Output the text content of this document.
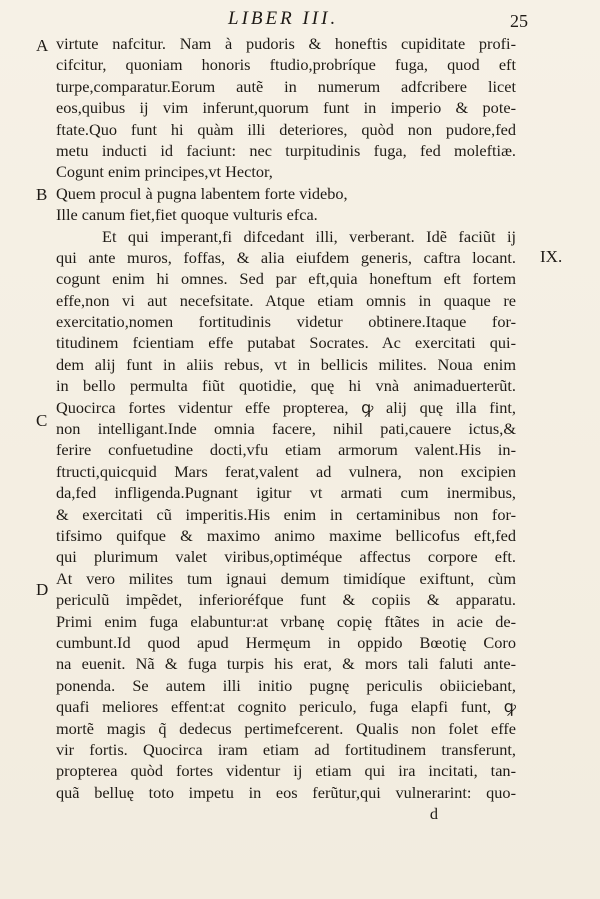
LIBER III.	25
A
B
C
D
IX.
virtute nafcitur. Nam à pudoris & honeftis cupiditate profi-
cifcitur, quoniam honoris ftudio,probríque fuga, quod eft
turpe,comparatur.Eorum autẽ in numerum adfcribere licet
eos,quibus ij vim inferunt,quorum funt in imperio & pote-
ftate.Quo funt hi quàm illi deteriores, quòd non pudore,fed
metu inducti id faciunt: nec turpitudinis fuga, fed moleftiæ.
Cogunt enim principes,vt Hector,
Quem procul à pugna labentem forte videbo,
Ille canum fiet,fiet quoque vulturis efca.
Et qui imperant,fi difcedant illi, verberant. Idẽ faciũt ij
qui ante muros, foffas, & alia eiufdem generis, caftra locant.
cogunt enim hi omnes. Sed par eft,quia honeftum eft fortem
effe,non vi aut necefsitate. Atque etiam omnis in quaque re
exercitatio,nomen fortitudinis videtur obtinere.Itaque for-
titudinem fcientiam effe putabat Socrates. Ac exercitati qui-
dem alij funt in aliis rebus, vt in bellicis milites. Noua enim
in bello permulta fiũt quotidie, quę hi vnà animaduerterũt.
Quocirca fortes videntur effe propterea, ꝙ alij quę illa fint,
non intelligant.Inde omnia facere, nihil pati,cauere ictus,&
ferire confuetudine docti,vfu etiam armorum valent.His in-
ftructi,quicquid Mars ferat,valent ad vulnera, non excipien
da,fed infligenda.Pugnant igitur vt armati cum inermibus,
& exercitati cũ imperitis.His enim in certaminibus non for-
tifsimo quifque & maximo animo maxime bellicofus eft,fed
qui plurimum valet viribus,optiméque affectus corpore eft.
At vero milites tum ignaui demum timidíque exiftunt, cùm
periculũ impẽdet, inferioréfque funt & copiis & apparatu.
Primi enim fuga elabuntur:at vrbanę copię ftãtes in acie de-
cumbunt.Id quod apud Hermęum in oppido Bœotię Coro
na euenit. Nã & fuga turpis his erat, & mors tali faluti ante-
ponenda. Se autem illi initio pugnę periculis obiiciebant,
quafi meliores effent:at cognito periculo, fuga elapfi funt, ꝙ
mortẽ magis q̃ dedecus pertimefcerent. Qualis non folet effe
vir fortis. Quocirca iram etiam ad fortitudinem transferunt,
propterea quòd fortes videntur ij etiam qui ira incitati, tan-
quã belluę toto impetu in eos ferũtur,qui vulnerarint: quo-
d
